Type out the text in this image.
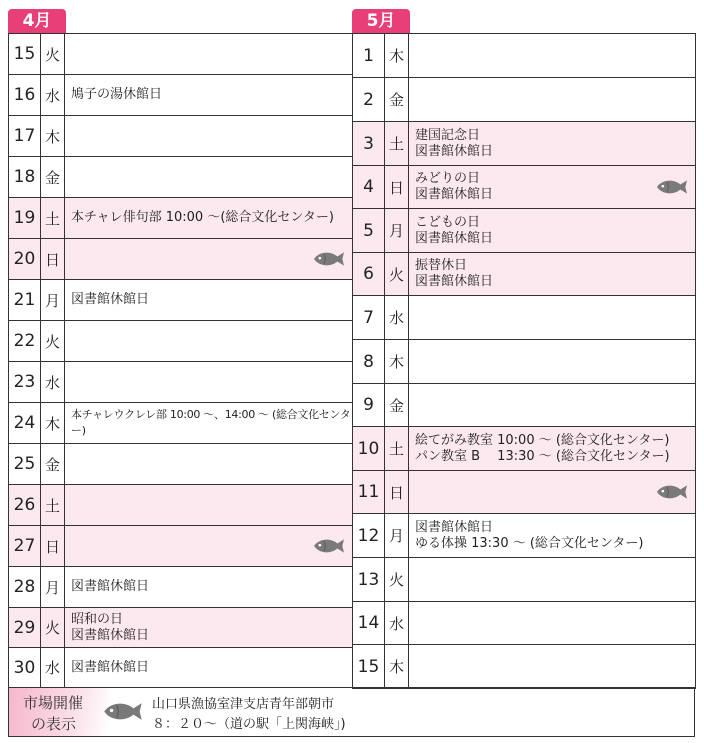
4月	5月
15 火
16 水 鳩子の湯休館日
17 木
18 金
19 土 本チャレ俳句部 10:00 ～(総合文化センター)
20 日
21 月 図書館休館日
22 火
23 水
24 木	本チャレウクレレ部 10:00 ～、14:00 ～ (総合文化センター)
25 金
26 土
27 日
28 月 図書館休館日
29 火 昭和の日
図書館休館日
30 水 図書館休館日
1	木
2	金
3	土 建国記念日
図書館休館日
4	日 みどりの日
図書館休館日
5	月 こどもの日
図書館休館日
6	火 振替休日
図書館休館日
7	水
8	木
9	金
10 土 絵てがみ教室 10:00 ～ (総合文化センター)
パン教室 B　 13:30 ～ (総合文化センター)
11 日
12 月 図書館休館日
ゆる体操 13:30 ～ (総合文化センター)
13 火
14 水
15 木
市場開催
の表示
山口県漁協室津支店青年部朝市
８：２０～（道の駅「上関海峡」)
